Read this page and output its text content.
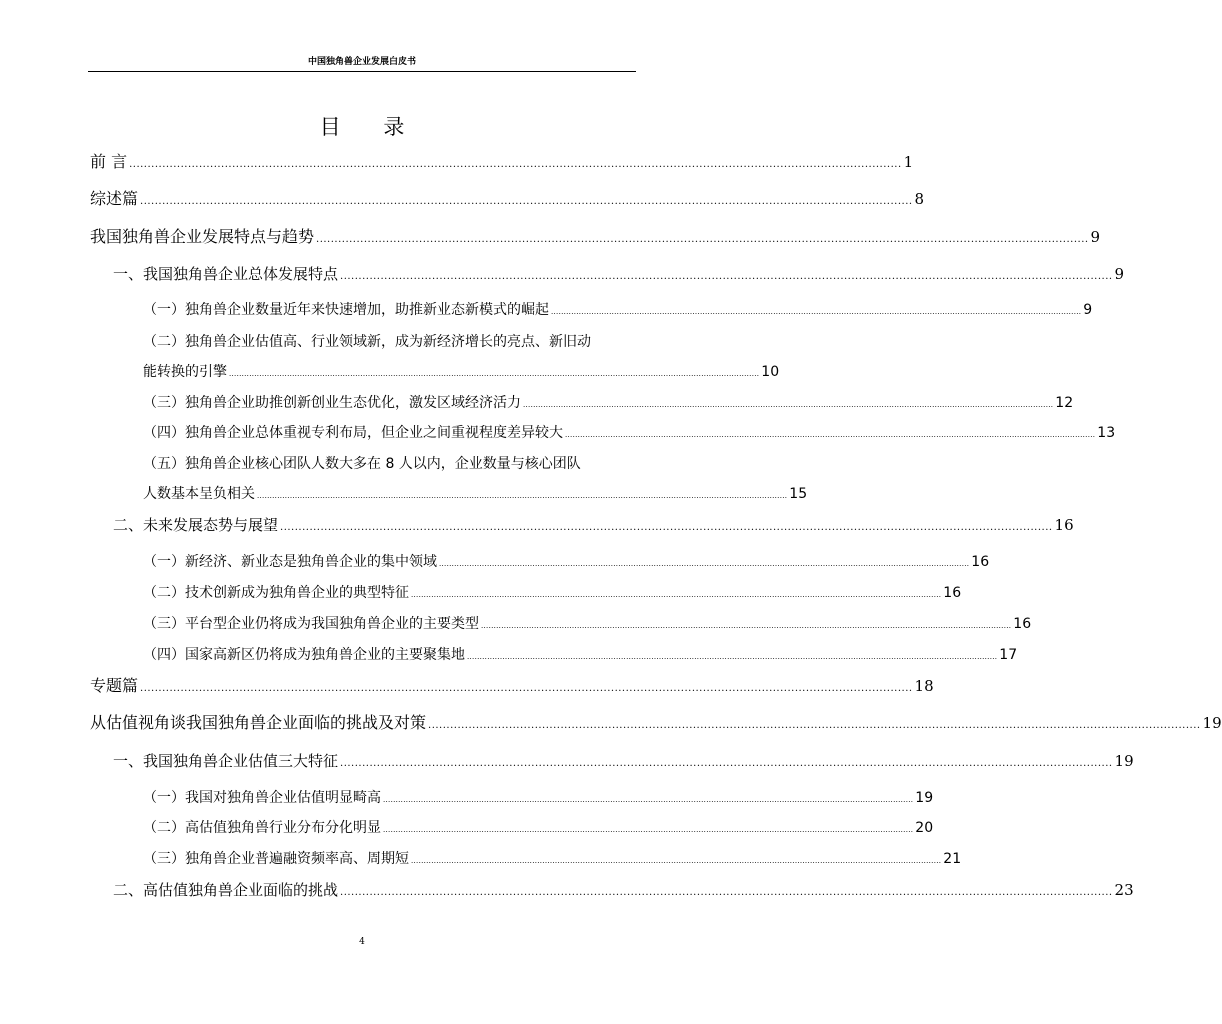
中国独角兽企业发展白皮书
目 录
前 言 .................................................................................................................................................................................................................. 1
综述篇 .................................................................................................................................................................................................................. 8
我国独角兽企业发展特点与趋势 .................................................................................................................................................................................................................. 9
一、我国独角兽企业总体发展特点 .................................................................................................................................................................................................................. 9
（一）独角兽企业数量近年来快速增加，助推新业态新模式的崛起 .................................................................................................................................................................................................................. 9
（二）独角兽企业估值高、行业领域新，成为新经济增长的亮点、新旧动
能转换的引擎 .................................................................................................................................................................................................................. 10
（三）独角兽企业助推创新创业生态优化，激发区域经济活力 .................................................................................................................................................................................................................. 12
（四）独角兽企业总体重视专利布局，但企业之间重视程度差异较大 .................................................................................................................................................................................................................. 13
（五）独角兽企业核心团队人数大多在 8 人以内，企业数量与核心团队
人数基本呈负相关 .................................................................................................................................................................................................................. 15
二、未来发展态势与展望 .................................................................................................................................................................................................................. 16
（一）新经济、新业态是独角兽企业的集中领域 .................................................................................................................................................................................................................. 16
（二）技术创新成为独角兽企业的典型特征 .................................................................................................................................................................................................................. 16
（三）平台型企业仍将成为我国独角兽企业的主要类型 .................................................................................................................................................................................................................. 16
（四）国家高新区仍将成为独角兽企业的主要聚集地 .................................................................................................................................................................................................................. 17
专题篇 .................................................................................................................................................................................................................. 18
从估值视角谈我国独角兽企业面临的挑战及对策 .................................................................................................................................................................................................................. 19
一、我国独角兽企业估值三大特征 .................................................................................................................................................................................................................. 19
（一）我国对独角兽企业估值明显畸高 .................................................................................................................................................................................................................. 19
（二）高估值独角兽行业分布分化明显 .................................................................................................................................................................................................................. 20
（三）独角兽企业普遍融资频率高、周期短 .................................................................................................................................................................................................................. 21
二、高估值独角兽企业面临的挑战 .................................................................................................................................................................................................................. 23
4
